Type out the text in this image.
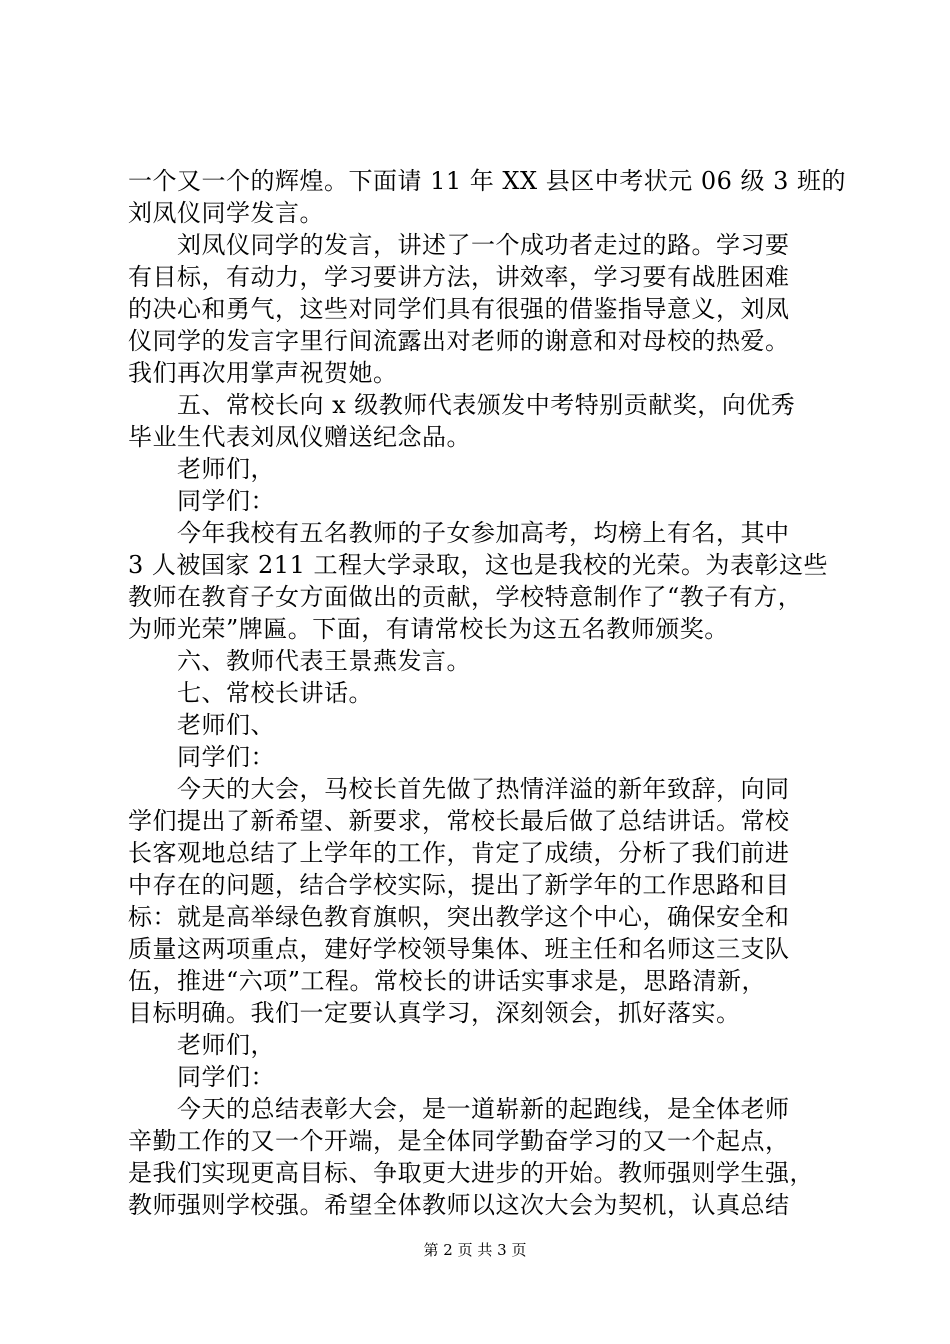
一个又一个的辉煌。下面请 11 年 XX 县区中考状元 06 级 3 班的
刘凤仪同学发言。
　　刘凤仪同学的发言，讲述了一个成功者走过的路。学习要
有目标，有动力，学习要讲方法，讲效率，学习要有战胜困难
的决心和勇气，这些对同学们具有很强的借鉴指导意义，刘凤
仪同学的发言字里行间流露出对老师的谢意和对母校的热爱。
我们再次用掌声祝贺她。
　　五、常校长向 x 级教师代表颁发中考特别贡献奖，向优秀
毕业生代表刘凤仪赠送纪念品。
　　老师们，
　　同学们：
　　今年我校有五名教师的子女参加高考，均榜上有名，其中
3 人被国家 211 工程大学录取，这也是我校的光荣。为表彰这些
教师在教育子女方面做出的贡献，学校特意制作了“教子有方，
为师光荣”牌匾。下面，有请常校长为这五名教师颁奖。
　　六、教师代表王景燕发言。
　　七、常校长讲话。
　　老师们、
　　同学们：
　　今天的大会，马校长首先做了热情洋溢的新年致辞，向同
学们提出了新希望、新要求，常校长最后做了总结讲话。常校
长客观地总结了上学年的工作，肯定了成绩，分析了我们前进
中存在的问题，结合学校实际，提出了新学年的工作思路和目
标：就是高举绿色教育旗帜，突出教学这个中心，确保安全和
质量这两项重点，建好学校领导集体、班主任和名师这三支队
伍，推进“六项”工程。常校长的讲话实事求是，思路清新，
目标明确。我们一定要认真学习，深刻领会，抓好落实。
　　老师们，
　　同学们：
　　今天的总结表彰大会，是一道崭新的起跑线，是全体老师
辛勤工作的又一个开端，是全体同学勤奋学习的又一个起点，
是我们实现更高目标、争取更大进步的开始。教师强则学生强，
教师强则学校强。希望全体教师以这次大会为契机，认真总结
第 2 页 共 3 页
